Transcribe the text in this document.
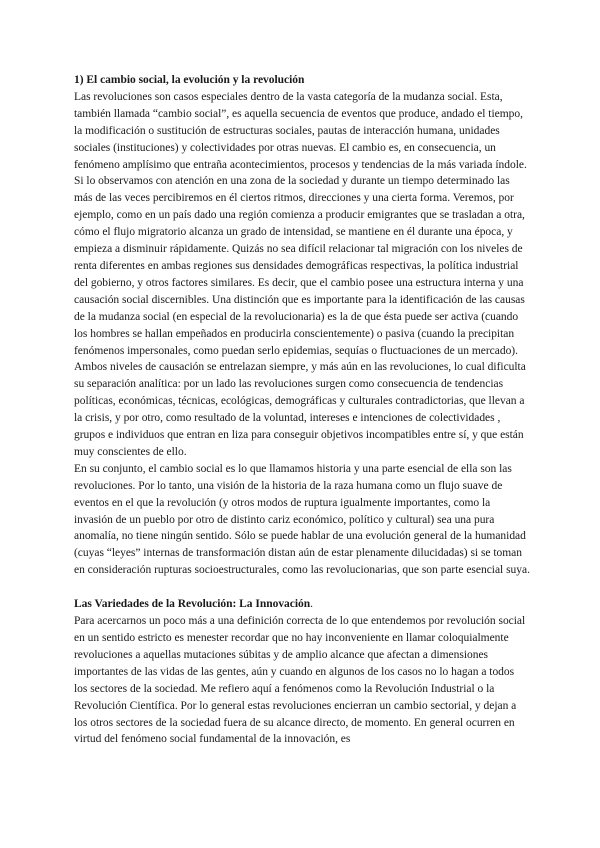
1) El cambio social, la evolución y la revolución

Las revoluciones son casos especiales dentro de la vasta categoría de la mudanza social. Esta, también llamada “cambio social”, es aquella secuencia de eventos que produce, andado el tiempo, la modificación o sustitución de estructuras sociales, pautas de interacción humana, unidades sociales (instituciones) y colectividades por otras nuevas. El cambio es, en consecuencia, un fenómeno amplísimo que entraña acontecimientos, procesos y tendencias de la más variada índole. Si lo observamos con atención en una zona de la sociedad y durante un tiempo determinado las más de las veces percibiremos en él ciertos ritmos, direcciones y una cierta forma. Veremos, por ejemplo, como en un país dado una región comienza a producir emigrantes que se trasladan a otra, cómo el flujo migratorio alcanza un grado de intensidad, se mantiene en él durante una época, y empieza a disminuir rápidamente. Quizás no sea difícil relacionar tal migración con los niveles de renta diferentes en ambas regiones sus densidades demográficas respectivas, la política industrial del gobierno, y otros factores similares. Es decir, que el cambio posee una estructura interna y una causación social discernibles. Una distinción que es importante para la identificación de las causas de la mudanza social (en especial de la revolucionaria) es la de que ésta puede ser activa (cuando los hombres se hallan empeñados en producirla conscientemente) o pasiva (cuando la precipitan fenómenos impersonales, como puedan serlo epidemias, sequías o fluctuaciones de un mercado). Ambos niveles de causación se entrelazan siempre, y más aún en las revoluciones, lo cual dificulta su separación analítica: por un lado las revoluciones surgen como consecuencia de tendencias políticas, económicas, técnicas, ecológicas, demográficas y culturales contradictorias, que llevan a la crisis, y por otro, como resultado de la voluntad, intereses e intenciones de colectividades , grupos e individuos que entran en liza para conseguir objetivos incompatibles entre sí, y que están muy conscientes de ello.

En su conjunto, el cambio social es lo que llamamos historia y una parte esencial de ella son las revoluciones. Por lo tanto, una visión de la historia de la raza humana como un flujo suave de eventos en el que la revolución (y otros modos de ruptura igualmente importantes, como la invasión de un pueblo por otro de distinto cariz económico, político y cultural) sea una pura anomalía, no tiene ningún sentido. Sólo se puede hablar de una evolución general de la humanidad (cuyas “leyes” internas de transformación distan aún de estar plenamente dilucidadas) si se toman en consideración rupturas socioestructurales, como las revolucionarias, que son parte esencial suya.

Las Variedades de la Revolución: La Innovación.

Para acercarnos un poco más a una definición correcta de lo que entendemos por revolución social en un sentido estricto es menester recordar que no hay inconveniente en llamar coloquialmente revoluciones a aquellas mutaciones súbitas y de amplio alcance que afectan a dimensiones importantes de las vidas de las gentes, aún y cuando en algunos de los casos no lo hagan a todos los sectores de la sociedad. Me refiero aquí a fenómenos como la Revolución Industrial o la Revolución Científica. Por lo general estas revoluciones encierran un cambio sectorial, y dejan a los otros sectores de la sociedad fuera de su alcance directo, de momento. En general ocurren en virtud del fenómeno social fundamental de la innovación, es
